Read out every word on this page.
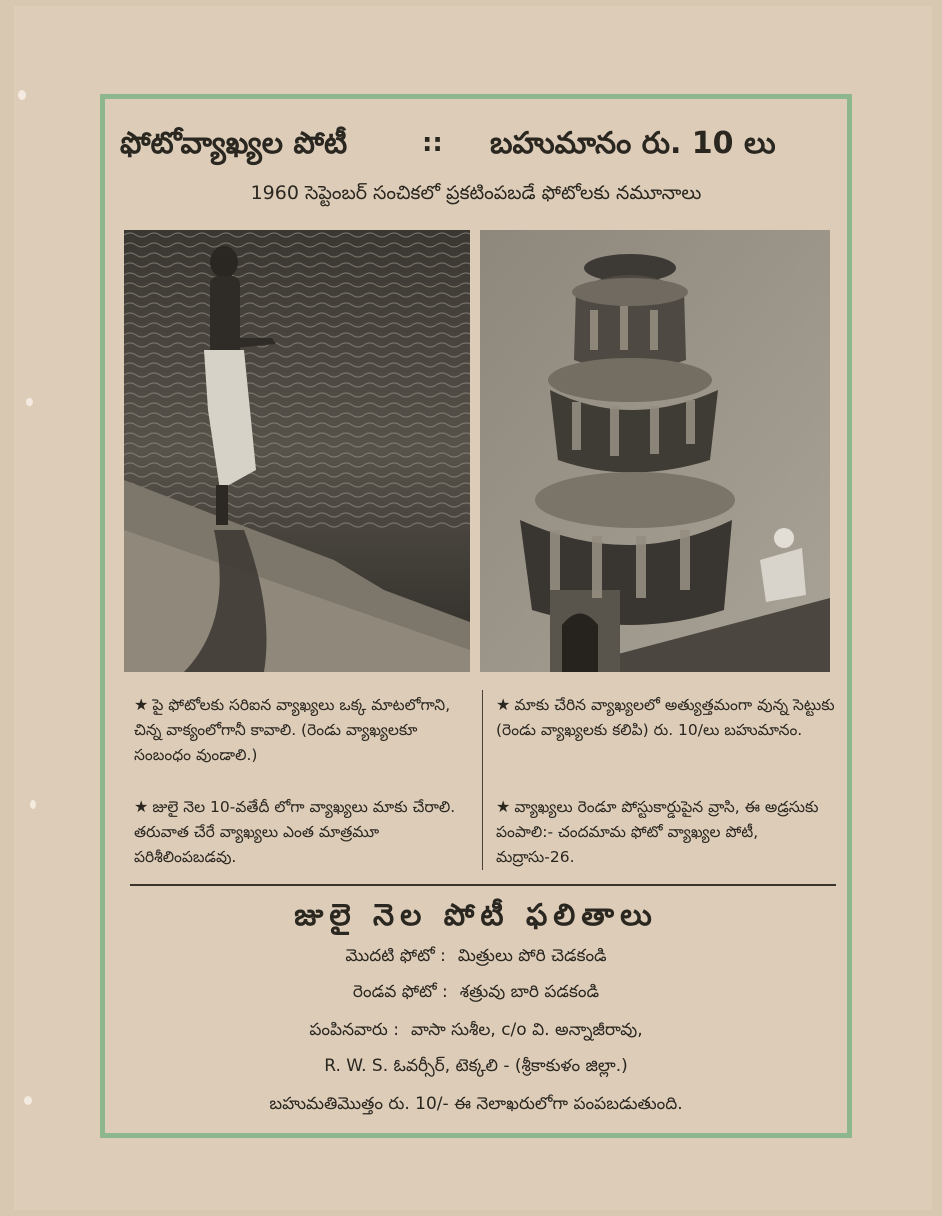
ఫోటోవ్యాఖ్యల పోటీ	:: బహుమానం రు. 10 లు
1960 సెప్టెంబర్ సంచికలో ప్రకటింపబడే ఫోటోలకు నమూనాలు
★ పై ఫోటోలకు సరిఐన వ్యాఖ్యలు ఒక్క మాటలోగాని, చిన్న వాక్యంలోగానీ కావాలి. (రెండు వ్యాఖ్యలకూ సంబంధం వుండాలి.)
★ జులై నెల 10-వతేదీ లోగా వ్యాఖ్యలు మాకు చేరాలి. తరువాత చేరే వ్యాఖ్యలు ఎంత మాత్రమూ పరిశీలింపబడవు.
★ మాకు చేరిన వ్యాఖ్యలలో అత్యుత్తమంగా వున్న సెట్టుకు (రెండు వ్యాఖ్యలకు కలిపి) రు. 10/లు బహుమానం.
★ వ్యాఖ్యలు రెండూ పోస్టుకార్డుపైన వ్రాసి, ఈ అడ్రసుకు పంపాలి:- చందమామ ఫోటో వ్యాఖ్యల పోటీ, మద్రాసు-26.
జులై నెల పోటీ ఫలితాలు
మొదటి ఫోటో : మిత్రులు పోరి చెడకండి
రెండవ ఫోటో : శత్రువు బారి పడకండి
పంపినవారు : వాసా సుశీల, c/o వి. అన్నాజీరావు,
R. W. S. ఓవర్సీర్, టెక్కలి - (శ్రీకాకుళం జిల్లా.)
బహుమతిమొత్తం రు. 10/- ఈ నెలాఖరులోగా పంపబడుతుంది.
